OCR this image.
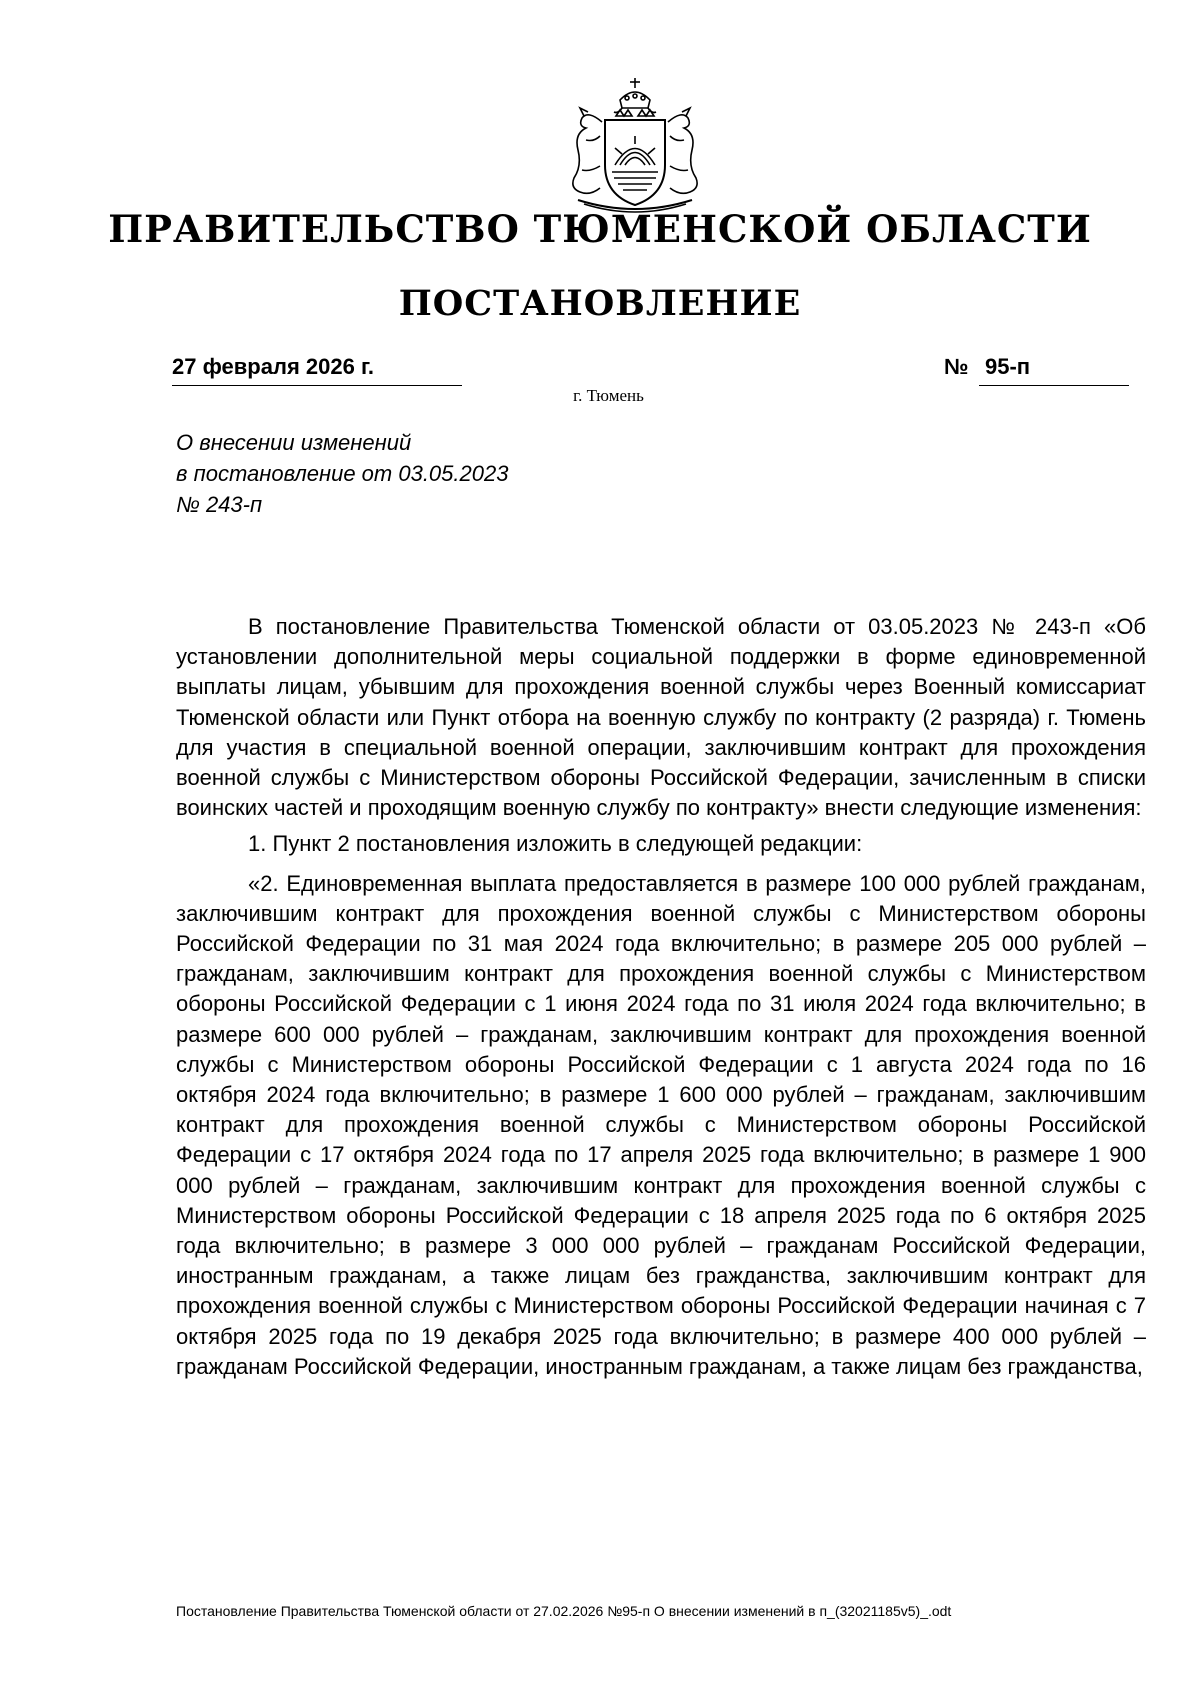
ПРАВИТЕЛЬСТВО ТЮМЕНСКОЙ ОБЛАСТИ
ПОСТАНОВЛЕНИЕ
27 февраля 2026 г.	№ 95-п
г. Тюмень
О внесении изменений
в постановление от 03.05.2023
№ 243-п

В постановление Правительства Тюменской области от 03.05.2023 № 243-п «Об установлении дополнительной меры социальной поддержки в форме единовременной выплаты лицам, убывшим для прохождения военной службы через Военный комиссариат Тюменской области или Пункт отбора на военную службу по контракту (2 разряда) г. Тюмень для участия в специальной военной операции, заключившим контракт для прохождения военной службы с Министерством обороны Российской Федерации, зачисленным в списки воинских частей и проходящим военную службу по контракту» внести следующие изменения:

1. Пункт 2 постановления изложить в следующей редакции:

«2. Единовременная выплата предоставляется в размере 100 000 рублей гражданам, заключившим контракт для прохождения военной службы с Министерством обороны Российской Федерации по 31 мая 2024 года включительно; в размере 205 000 рублей – гражданам, заключившим контракт для прохождения военной службы с Министерством обороны Российской Федерации с 1 июня 2024 года по 31 июля 2024 года включительно; в размере 600 000 рублей – гражданам, заключившим контракт для прохождения военной службы с Министерством обороны Российской Федерации с 1 августа 2024 года по 16 октября 2024 года включительно; в размере 1 600 000 рублей – гражданам, заключившим контракт для прохождения военной службы с Министерством обороны Российской Федерации с 17 октября 2024 года по 17 апреля 2025 года включительно; в размере 1 900 000 рублей – гражданам, заключившим контракт для прохождения военной службы с Министерством обороны Российской Федерации с 18 апреля 2025 года по 6 октября 2025 года включительно; в размере 3 000 000 рублей – гражданам Российской Федерации, иностранным гражданам, а также лицам без гражданства, заключившим контракт для прохождения военной службы с Министерством обороны Российской Федерации начиная с 7 октября 2025 года по 19 декабря 2025 года включительно; в размере 400 000 рублей – гражданам Российской Федерации, иностранным гражданам, а также лицам без гражданства,

Постановление Правительства Тюменской области от 27.02.2026 №95-п О внесении изменений в п_(32021185v5)_.odt
